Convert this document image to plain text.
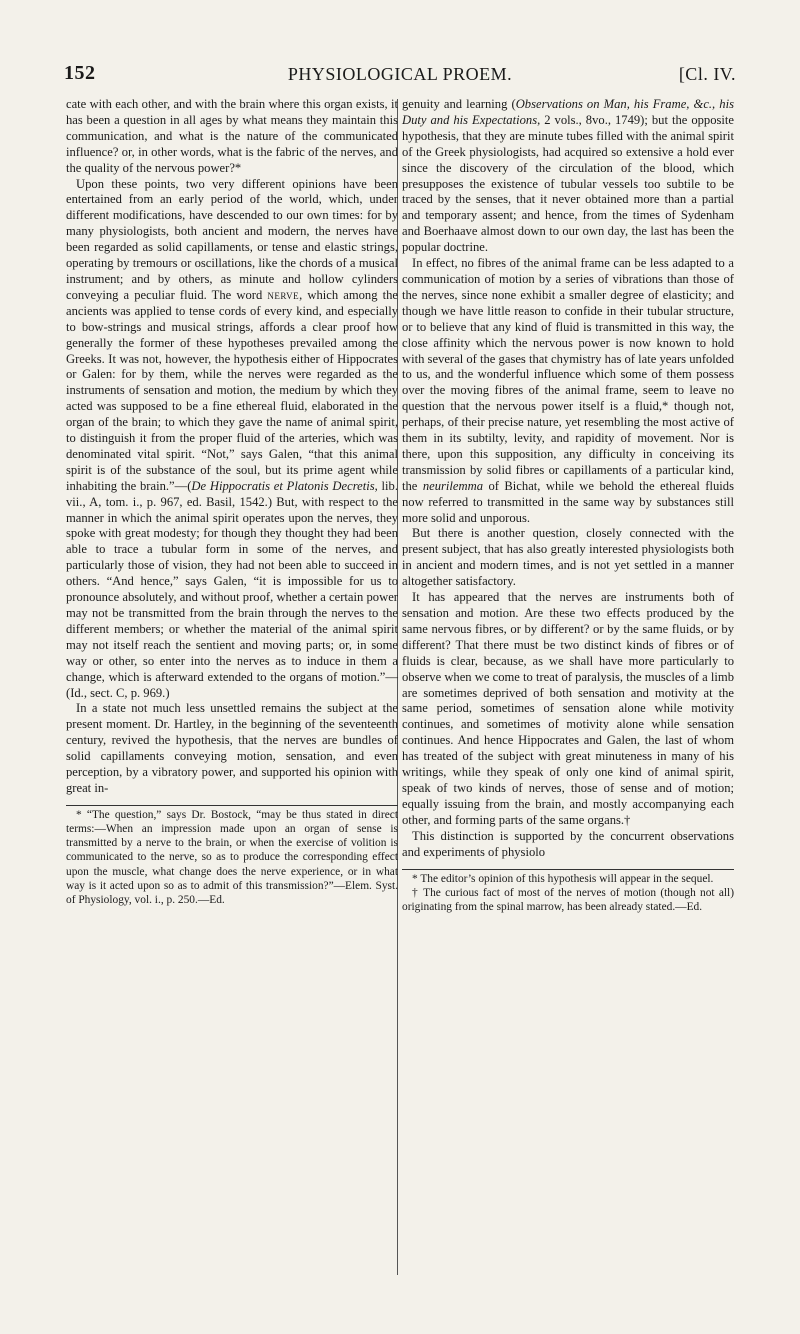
152	PHYSIOLOGICAL PROEM.	[Cl. IV.

cate with each other, and with the brain where this organ exists, it has been a question in all ages by what means they maintain this communication, and what is the nature of the communicated influence? or, in other words, what is the fabric of the nerves, and the quality of the nervous power?*

Upon these points, two very different opinions have been entertained from an early period of the world, which, under different modifications, have descended to our own times: for by many physiologists, both ancient and modern, the nerves have been regarded as solid capillaments, or tense and elastic strings, operating by tremours or oscillations, like the chords of a musical instrument; and by others, as minute and hollow cylinders conveying a peculiar fluid. The word nerve, which among the ancients was applied to tense cords of every kind, and especially to bow-strings and musical strings, affords a clear proof how generally the former of these hypotheses prevailed among the Greeks. It was not, however, the hypothesis either of Hippocrates or Galen: for by them, while the nerves were regarded as the instruments of sensation and motion, the medium by which they acted was supposed to be a fine ethereal fluid, elaborated in the organ of the brain; to which they gave the name of animal spirit, to distinguish it from the proper fluid of the arteries, which was denominated vital spirit. “Not,” says Galen, “that this animal spirit is of the substance of the soul, but its prime agent while inhabiting the brain.”—(De Hippocratis et Platonis Decretis, lib. vii., A, tom. i., p. 967, ed. Basil, 1542.) But, with respect to the manner in which the animal spirit operates upon the nerves, they spoke with great modesty; for though they thought they had been able to trace a tubular form in some of the nerves, and particularly those of vision, they had not been able to succeed in others. “And hence,” says Galen, “it is impossible for us to pronounce absolutely, and without proof, whether a certain power may not be transmitted from the brain through the nerves to the different members; or whether the material of the animal spirit may not itself reach the sentient and moving parts; or, in some way or other, so enter into the nerves as to induce in them a change, which is afterward extended to the organs of motion.”—(Id., sect. C, p. 969.)

In a state not much less unsettled remains the subject at the present moment. Dr. Hartley, in the beginning of the seventeenth century, revived the hypothesis, that the nerves are bundles of solid capillaments conveying motion, sensation, and even perception, by a vibratory power, and supported his opinion with great in-

* “The question,” says Dr. Bostock, “may be thus stated in direct terms:—When an impression made upon an organ of sense is transmitted by a nerve to the brain, or when the exercise of volition is communicated to the nerve, so as to produce the corresponding effect upon the muscle, what change does the nerve experience, or in what way is it acted upon so as to admit of this transmission?”—Elem. Syst. of Physiology, vol. i., p. 250.—Ed.

genuity and learning (Observations on Man, his Frame, &c., his Duty and his Expectations, 2 vols., 8vo., 1749); but the opposite hypothesis, that they are minute tubes filled with the animal spirit of the Greek physiologists, had acquired so extensive a hold ever since the discovery of the circulation of the blood, which presupposes the existence of tubular vessels too subtile to be traced by the senses, that it never obtained more than a partial and temporary assent; and hence, from the times of Sydenham and Boerhaave almost down to our own day, the last has been the popular doctrine.

In effect, no fibres of the animal frame can be less adapted to a communication of motion by a series of vibrations than those of the nerves, since none exhibit a smaller degree of elasticity; and though we have little reason to confide in their tubular structure, or to believe that any kind of fluid is transmitted in this way, the close affinity which the nervous power is now known to hold with several of the gases that chymistry has of late years unfolded to us, and the wonderful influence which some of them possess over the moving fibres of the animal frame, seem to leave no question that the nervous power itself is a fluid,* though not, perhaps, of their precise nature, yet resembling the most active of them in its subtilty, levity, and rapidity of movement. Nor is there, upon this supposition, any difficulty in conceiving its transmission by solid fibres or capillaments of a particular kind, the neurilemma of Bichat, while we behold the ethereal fluids now referred to transmitted in the same way by substances still more solid and unporous.

But there is another question, closely connected with the present subject, that has also greatly interested physiologists both in ancient and modern times, and is not yet settled in a manner altogether satisfactory.

It has appeared that the nerves are instruments both of sensation and motion. Are these two effects produced by the same nervous fibres, or by different? or by the same fluids, or by different? That there must be two distinct kinds of fibres or of fluids is clear, because, as we shall have more particularly to observe when we come to treat of paralysis, the muscles of a limb are sometimes deprived of both sensation and motivity at the same period, sometimes of sensation alone while motivity continues, and sometimes of motivity alone while sensation continues. And hence Hippocrates and Galen, the last of whom has treated of the subject with great minuteness in many of his writings, while they speak of only one kind of animal spirit, speak of two kinds of nerves, those of sense and of motion; equally issuing from the brain, and mostly accompanying each other, and forming parts of the same organs.†

This distinction is supported by the concurrent observations and experiments of physiolo

* The editor’s opinion of this hypothesis will appear in the sequel.

† The curious fact of most of the nerves of motion (though not all) originating from the spinal marrow, has been already stated.—Ed.
